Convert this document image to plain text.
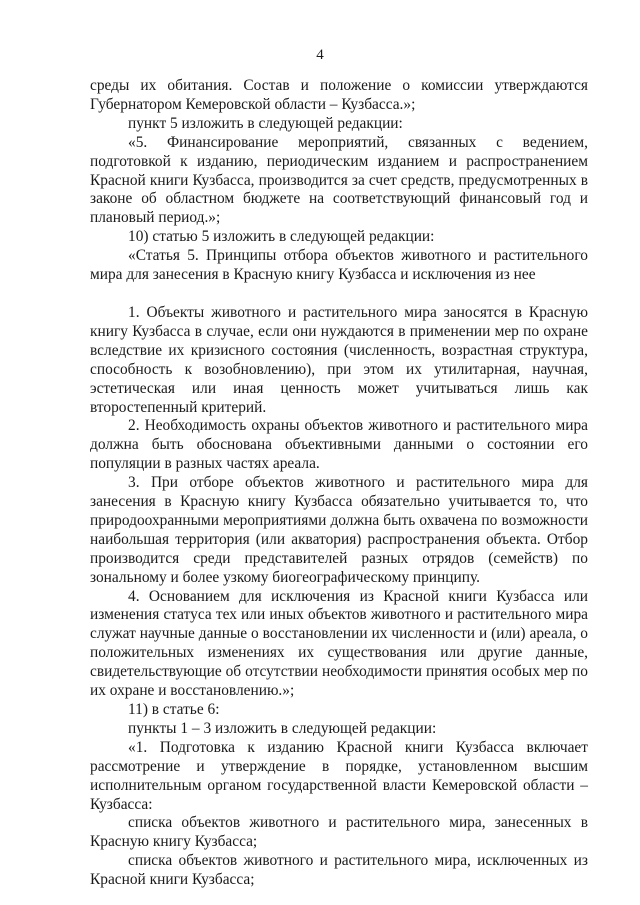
4

среды их обитания. Состав и положение о комиссии утверждаются Губернатором Кемеровской области – Кузбасса.»;

пункт 5 изложить в следующей редакции:

«5. Финансирование мероприятий, связанных с ведением, подготовкой к изданию, периодическим изданием и распространением Красной книги Кузбасса, производится за счет средств, предусмотренных в законе об областном бюджете на соответствующий финансовый год и плановый период.»;

10) статью 5 изложить в следующей редакции:

«Статья 5. Принципы отбора объектов животного и растительного мира для занесения в Красную книгу Кузбасса и исключения из нее

1. Объекты животного и растительного мира заносятся в Красную книгу Кузбасса в случае, если они нуждаются в применении мер по охране вследствие их кризисного состояния (численность, возрастная структура, способность к возобновлению), при этом их утилитарная, научная, эстетическая или иная ценность может учитываться лишь как второстепенный критерий.

2. Необходимость охраны объектов животного и растительного мира должна быть обоснована объективными данными о состоянии его популяции в разных частях ареала.

3. При отборе объектов животного и растительного мира для занесения в Красную книгу Кузбасса обязательно учитывается то, что природоохранными мероприятиями должна быть охвачена по возможности наибольшая территория (или акватория) распространения объекта. Отбор производится среди представителей разных отрядов (семейств) по зональному и более узкому биогеографическому принципу.

4. Основанием для исключения из Красной книги Кузбасса или изменения статуса тех или иных объектов животного и растительного мира служат научные данные о восстановлении их численности и (или) ареала, о положительных изменениях их существования или другие данные, свидетельствующие об отсутствии необходимости принятия особых мер по их охране и восстановлению.»;

11) в статье 6:

пункты 1 – 3 изложить в следующей редакции:

«1. Подготовка к изданию Красной книги Кузбасса включает рассмотрение и утверждение в порядке, установленном высшим исполнительным органом государственной власти Кемеровской области – Кузбасса:

списка объектов животного и растительного мира, занесенных в Красную книгу Кузбасса;

списка объектов животного и растительного мира, исключенных из Красной книги Кузбасса;
